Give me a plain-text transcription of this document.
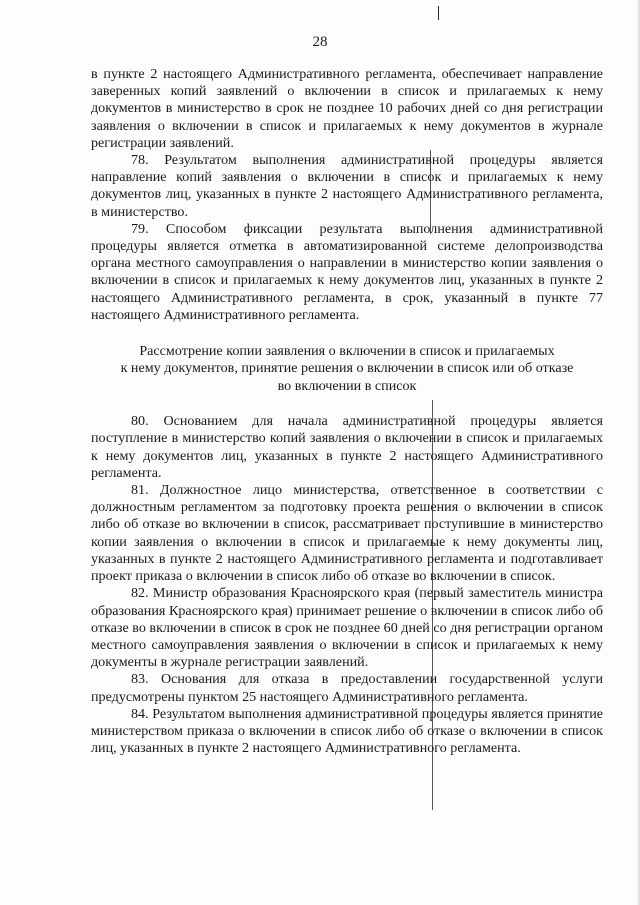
28

в пункте 2 настоящего Административного регламента, обеспечивает направление заверенных копий заявлений о включении в список и прилагаемых к нему документов в министерство в срок не позднее 10 рабочих дней со дня регистрации заявления о включении в список и прилагаемых к нему документов в журнале регистрации заявлений.

78. Результатом выполнения административной процедуры является направление копий заявления о включении в список и прилагаемых к нему документов лиц, указанных в пункте 2 настоящего Административного регламента, в министерство.

79. Способом фиксации результата выполнения административной процедуры является отметка в автоматизированной системе делопроизводства органа местного самоуправления о направлении в министерство копии заявления о включении в список и прилагаемых к нему документов лиц, указанных в пункте 2 настоящего Административного регламента, в срок, указанный в пункте 77 настоящего Административного регламента.

Рассмотрение копии заявления о включении в список и прилагаемых
к нему документов, принятие решения о включении в список или об отказе
во включении в список

80. Основанием для начала административной процедуры является поступление в министерство копий заявления о включении в список и прилагаемых к нему документов лиц, указанных в пункте 2 настоящего Административного регламента.

81. Должностное лицо министерства, ответственное в соответствии с должностным регламентом за подготовку проекта решения о включении в список либо об отказе во включении в список, рассматривает поступившие в министерство копии заявления о включении в список и прилагаемые к нему документы лиц, указанных в пункте 2 настоящего Административного регламента и подготавливает проект приказа о включении в список либо об отказе во включении в список.

82. Министр образования Красноярского края (первый заместитель министра образования Красноярского края) принимает решение о включении в список либо об отказе во включении в список в срок не позднее 60 дней со дня регистрации органом местного самоуправления заявления о включении в список и прилагаемых к нему документы в журнале регистрации заявлений.

83. Основания для отказа в предоставлении государственной услуги предусмотрены пунктом 25 настоящего Административного регламента.

84. Результатом выполнения административной процедуры является принятие министерством приказа о включении в список либо об отказе о включении в список лиц, указанных в пункте 2 настоящего Административного регламента.
